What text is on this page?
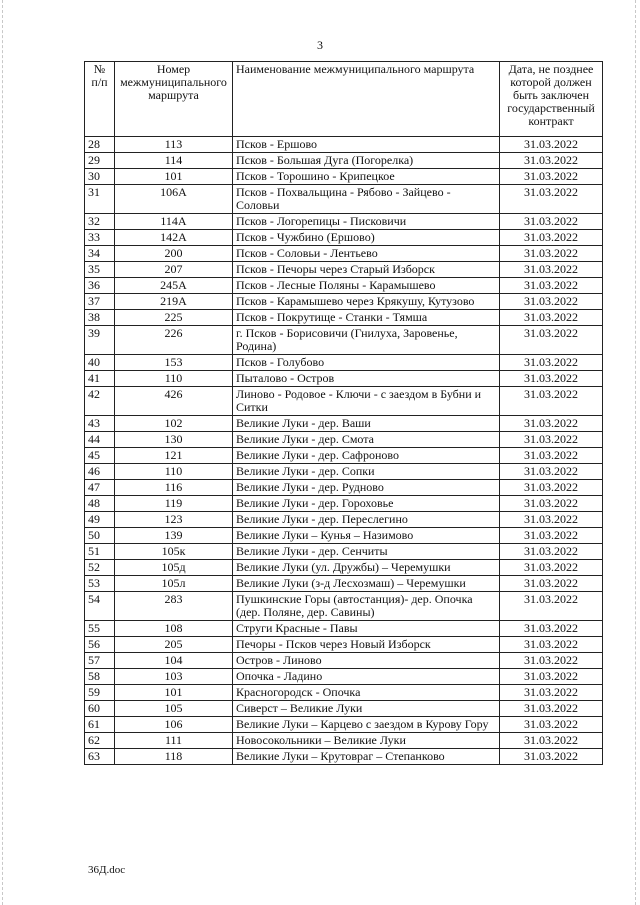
3
№ п/п	Номер межмуниципального маршрута	Наименование межмуниципального маршрута	Дата, не позднее которой должен быть заключен государственный контракт
28	113	Псков - Ершово	31.03.2022
29	114	Псков - Большая Дуга (Погорелка)	31.03.2022
30	101	Псков - Торошино - Крипецкое	31.03.2022
31	106А	Псков - Похвальщина - Рябово - Зайцево - Соловьи	31.03.2022
32	114А	Псков - Логорепицы - Писковичи	31.03.2022
33	142А	Псков - Чужбино (Ершово)	31.03.2022
34	200	Псков - Соловьи - Лентьево	31.03.2022
35	207	Псков - Печоры через Старый Изборск	31.03.2022
36	245А	Псков - Лесные Поляны - Карамышево	31.03.2022
37	219А	Псков - Карамышево через Крякушу, Кутузово	31.03.2022
38	225	Псков - Покрутище - Станки - Тямша	31.03.2022
39	226	г. Псков - Борисовичи (Гнилуха, Заровенье, Родина)	31.03.2022
40	153	Псков - Голубово	31.03.2022
41	110	Пыталово - Остров	31.03.2022
42	426	Линово - Родовое - Ключи - с заездом в Бубни и Ситки	31.03.2022
43	102	Великие Луки - дер. Ваши	31.03.2022
44	130	Великие Луки - дер. Смота	31.03.2022
45	121	Великие Луки - дер. Сафроново	31.03.2022
46	110	Великие Луки - дер. Сопки	31.03.2022
47	116	Великие Луки - дер. Руднoво	31.03.2022
48	119	Великие Луки - дер. Гороховье	31.03.2022
49	123	Великие Луки - дер. Переслегино	31.03.2022
50	139	Великие Луки – Кунья – Назимово	31.03.2022
51	105к	Великие Луки - дер. Сенчиты	31.03.2022
52	105д	Великие Луки (ул. Дружбы) – Черемушки	31.03.2022
53	105л	Великие Луки (з-д Лесхозмаш) – Черемушки	31.03.2022
54	283	Пушкинские Горы (автостанция)- дер. Опочка (дер. Поляне, дер. Савины)	31.03.2022
55	108	Струги Красные - Павы	31.03.2022
56	205	Печоры - Псков через Новый Изборск	31.03.2022
57	104	Остров - Линово	31.03.2022
58	103	Опочка - Ладино	31.03.2022
59	101	Красногородск - Опочка	31.03.2022
60	105	Сиверст – Великие Луки	31.03.2022
61	106	Великие Луки – Карцево с заездом в Курову Гору	31.03.2022
62	111	Новосокольники – Великие Луки	31.03.2022
63	118	Великие Луки – Крутовраг – Степанково	31.03.2022
36Д.doc
